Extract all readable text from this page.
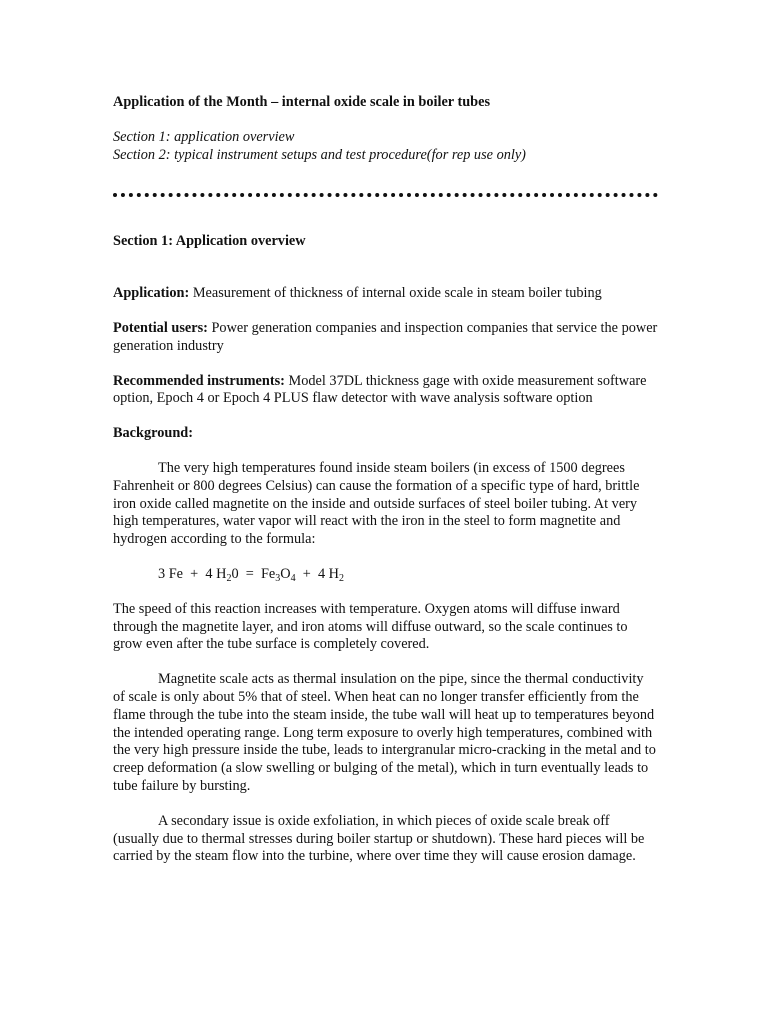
Application of the Month – internal oxide scale in boiler tubes

Section 1: application overview

Section 2: typical instrument setups and test procedure(for rep use only)

Section 1: Application overview

Application: Measurement of thickness of internal oxide scale in steam boiler tubing

Potential users: Power generation companies and inspection companies that service the power generation industry

Recommended instruments: Model 37DL thickness gage with oxide measurement software option, Epoch 4 or Epoch 4 PLUS flaw detector with wave analysis software option

Background:

The very high temperatures found inside steam boilers (in excess of 1500 degrees Fahrenheit or 800 degrees Celsius) can cause the formation of a specific type of hard, brittle iron oxide called magnetite on the inside and outside surfaces of steel boiler tubing. At very high temperatures, water vapor will react with the iron in the steel to form magnetite and hydrogen according to the formula:

3 Fe  +  4 $H_20 = Fe_3O_4 + 4$ $H_2$

The speed of this reaction increases with temperature. Oxygen atoms will diffuse inward through the magnetite layer, and iron atoms will diffuse outward, so the scale continues to grow even after the tube surface is completely covered.

Magnetite scale acts as thermal insulation on the pipe, since the thermal conductivity of scale is only about 5% that of steel. When heat can no longer transfer efficiently from the flame through the tube into the steam inside, the tube wall will heat up to temperatures beyond the intended operating range. Long term exposure to overly high temperatures, combined with the very high pressure inside the tube, leads to intergranular micro-cracking in the metal and to creep deformation (a slow swelling or bulging of the metal), which in turn eventually leads to tube failure by bursting.

A secondary issue is oxide exfoliation, in which pieces of oxide scale break off (usually due to thermal stresses during boiler startup or shutdown). These hard pieces will be carried by the steam flow into the turbine, where over time they will cause erosion damage.
